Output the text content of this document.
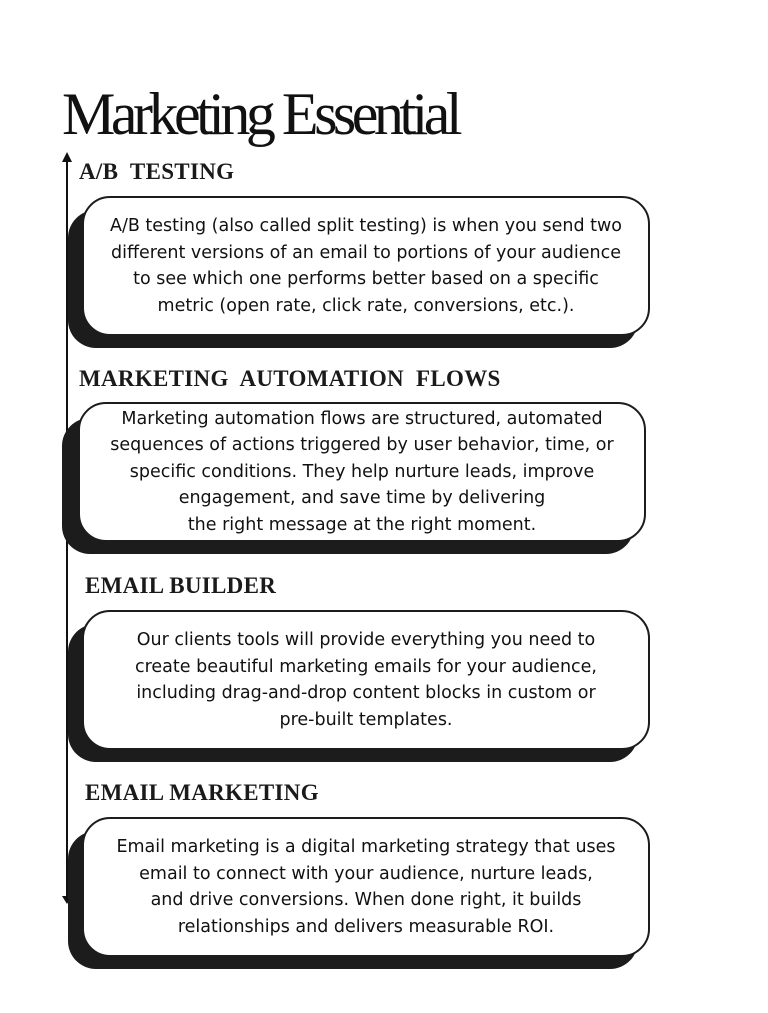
Marketing Essential
A/B  TESTING
A/B testing (also called split testing) is when you send two
different versions of an email to portions of your audience
to see which one performs better based on a specific
metric (open rate, click rate, conversions, etc.).
MARKETING  AUTOMATION  FLOWS
Marketing automation flows are structured, automated
sequences of actions triggered by user behavior, time, or
specific conditions. They help nurture leads, improve
engagement, and save time by delivering
the right message at the right moment.
EMAIL BUILDER
Our clients tools will provide everything you need to
create beautiful marketing emails for your audience,
including drag-and-drop content blocks in custom or
pre-built templates.
EMAIL MARKETING
Email marketing is a digital marketing strategy that uses
email to connect with your audience, nurture leads,
and drive conversions. When done right, it builds
relationships and delivers measurable ROI.
